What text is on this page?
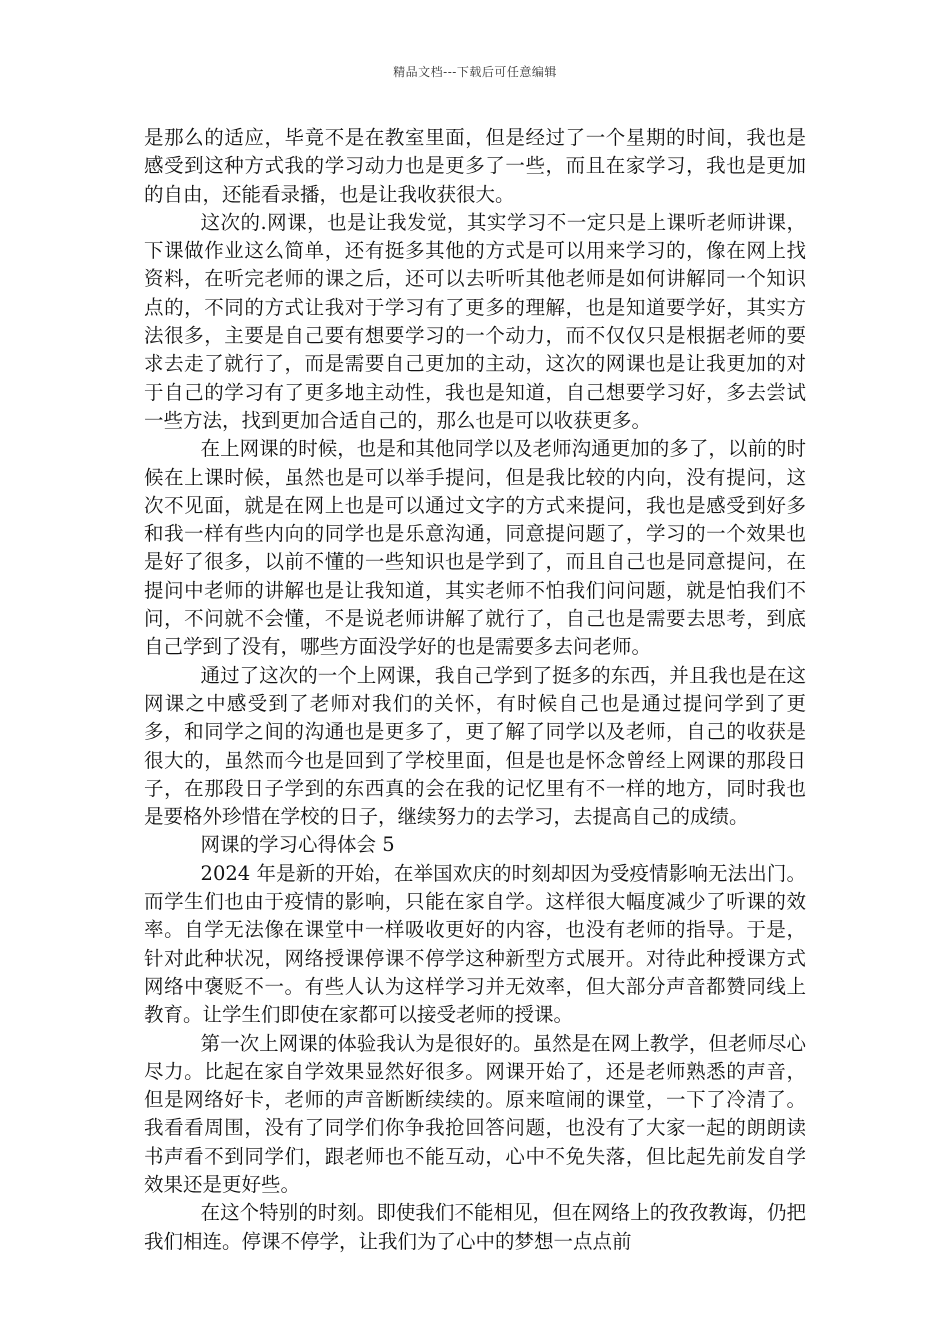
精品文档---下载后可任意编辑

是那么的适应，毕竟不是在教室里面，但是经过了一个星期的时间，我也是感受到这种方式我的学习动力也是更多了一些，而且在家学习，我也是更加的自由，还能看录播，也是让我收获很大。

这次的.网课，也是让我发觉，其实学习不一定只是上课听老师讲课，下课做作业这么简单，还有挺多其他的方式是可以用来学习的，像在网上找资料，在听完老师的课之后，还可以去听听其他老师是如何讲解同一个知识点的，不同的方式让我对于学习有了更多的理解，也是知道要学好，其实方法很多，主要是自己要有想要学习的一个动力，而不仅仅只是根据老师的要求去走了就行了，而是需要自己更加的主动，这次的网课也是让我更加的对于自己的学习有了更多地主动性，我也是知道，自己想要学习好，多去尝试一些方法，找到更加合适自己的，那么也是可以收获更多。

在上网课的时候，也是和其他同学以及老师沟通更加的多了，以前的时候在上课时候，虽然也是可以举手提问，但是我比较的内向，没有提问，这次不见面，就是在网上也是可以通过文字的方式来提问，我也是感受到好多和我一样有些内向的同学也是乐意沟通，同意提问题了，学习的一个效果也是好了很多，以前不懂的一些知识也是学到了，而且自己也是同意提问，在提问中老师的讲解也是让我知道，其实老师不怕我们问问题，就是怕我们不问，不问就不会懂，不是说老师讲解了就行了，自己也是需要去思考，到底自己学到了没有，哪些方面没学好的也是需要多去问老师。

通过了这次的一个上网课，我自己学到了挺多的东西，并且我也是在这网课之中感受到了老师对我们的关怀，有时候自己也是通过提问学到了更多，和同学之间的沟通也是更多了，更了解了同学以及老师，自己的收获是很大的，虽然而今也是回到了学校里面，但是也是怀念曾经上网课的那段日子，在那段日子学到的东西真的会在我的记忆里有不一样的地方，同时我也是要格外珍惜在学校的日子，继续努力的去学习，去提高自己的成绩。

网课的学习心得体会 5

2024 年是新的开始，在举国欢庆的时刻却因为受疫情影响无法出门。而学生们也由于疫情的影响，只能在家自学。这样很大幅度减少了听课的效率。自学无法像在课堂中一样吸收更好的内容，也没有老师的指导。于是，针对此种状况，网络授课停课不停学这种新型方式展开。对待此种授课方式网络中褒贬不一。有些人认为这样学习并无效率，但大部分声音都赞同线上教育。让学生们即使在家都可以接受老师的授课。

第一次上网课的体验我认为是很好的。虽然是在网上教学，但老师尽心尽力。比起在家自学效果显然好很多。网课开始了，还是老师熟悉的声音，但是网络好卡，老师的声音断断续续的。原来喧闹的课堂，一下了冷清了。我看看周围，没有了同学们你争我抢回答问题，也没有了大家一起的朗朗读书声看不到同学们，跟老师也不能互动，心中不免失落，但比起先前发自学效果还是更好些。

在这个特别的时刻。即使我们不能相见，但在网络上的孜孜教诲，仍把我们相连。停课不停学，让我们为了心中的梦想一点点前
